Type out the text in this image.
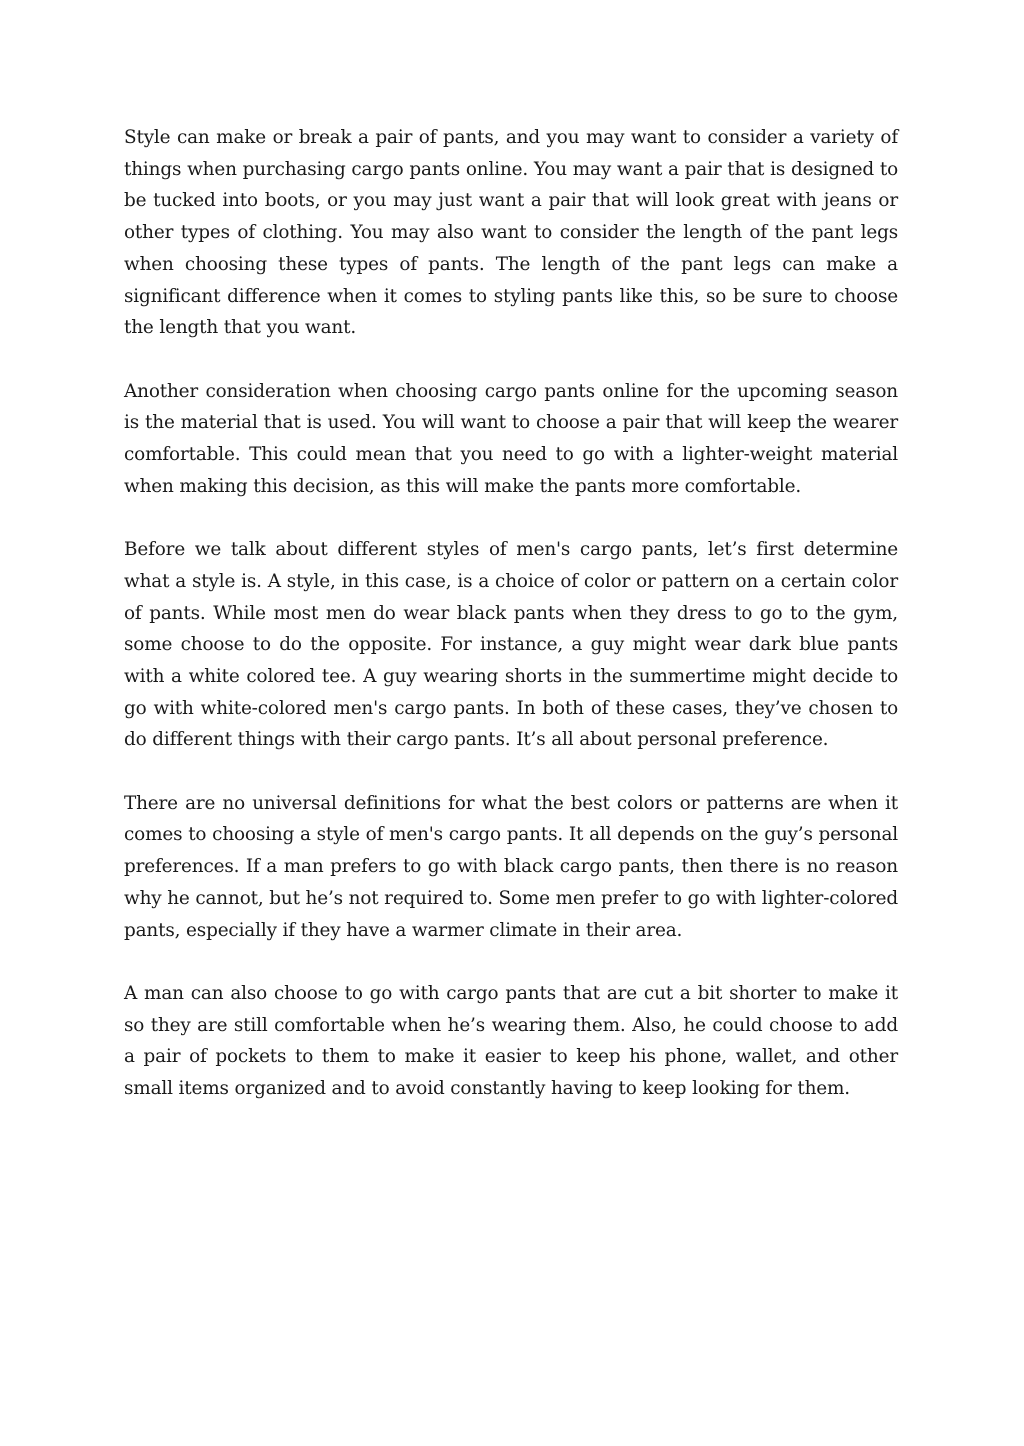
Style can make or break a pair of pants, and you may want to consider a variety of things when purchasing cargo pants online. You may want a pair that is designed to be tucked into boots, or you may just want a pair that will look great with jeans or other types of clothing. You may also want to consider the length of the pant legs when choosing these types of pants. The length of the pant legs can make a significant difference when it comes to styling pants like this, so be sure to choose the length that you want.

Another consideration when choosing cargo pants online for the upcoming season is the material that is used. You will want to choose a pair that will keep the wearer comfortable. This could mean that you need to go with a lighter-weight material when making this decision, as this will make the pants more comfortable.

Before we talk about different styles of men's cargo pants, let’s first determine what a style is. A style, in this case, is a choice of color or pattern on a certain color of pants. While most men do wear black pants when they dress to go to the gym, some choose to do the opposite. For instance, a guy might wear dark blue pants with a white colored tee. A guy wearing shorts in the summertime might decide to go with white-colored men's cargo pants. In both of these cases, they’ve chosen to do different things with their cargo pants. It’s all about personal preference.

There are no universal definitions for what the best colors or patterns are when it comes to choosing a style of men's cargo pants. It all depends on the guy’s personal preferences. If a man prefers to go with black cargo pants, then there is no reason why he cannot, but he’s not required to. Some men prefer to go with lighter-colored pants, especially if they have a warmer climate in their area.

A man can also choose to go with cargo pants that are cut a bit shorter to make it so they are still comfortable when he’s wearing them. Also, he could choose to add a pair of pockets to them to make it easier to keep his phone, wallet, and other small items organized and to avoid constantly having to keep looking for them.
